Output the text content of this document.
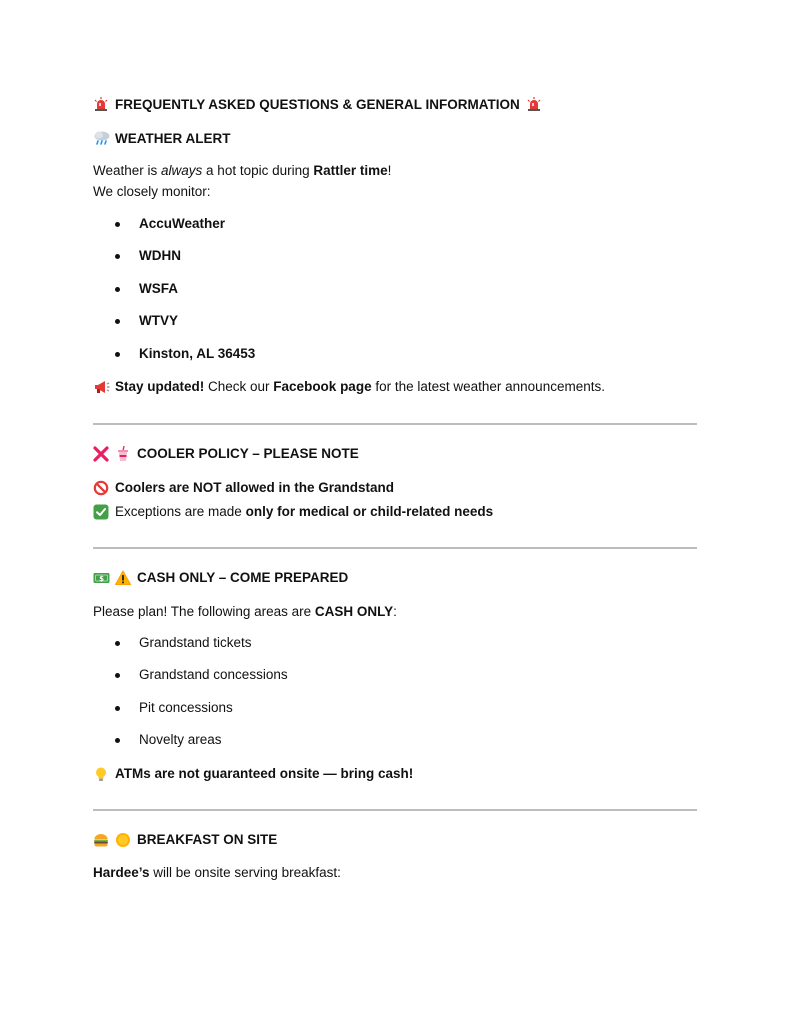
FREQUENTLY ASKED QUESTIONS & GENERAL INFORMATION
WEATHER ALERT

Weather is always a hot topic during Rattler time!

We closely monitor:

AccuWeather
WDHN
WSFA
WTVY
Kinston, AL 36453
Stay updated! Check our Facebook page for the latest weather announcements.
COOLER POLICY – PLEASE NOTE
Coolers are NOT allowed in the Grandstand
Exceptions are made only for medical or child-related needs
$ CASH ONLY – COME PREPARED

Please plan! The following areas are CASH ONLY:

Grandstand tickets
Grandstand concessions
Pit concessions
Novelty areas
ATMs are not guaranteed onsite — bring cash!
BREAKFAST ON SITE

Hardee’s will be onsite serving breakfast:
